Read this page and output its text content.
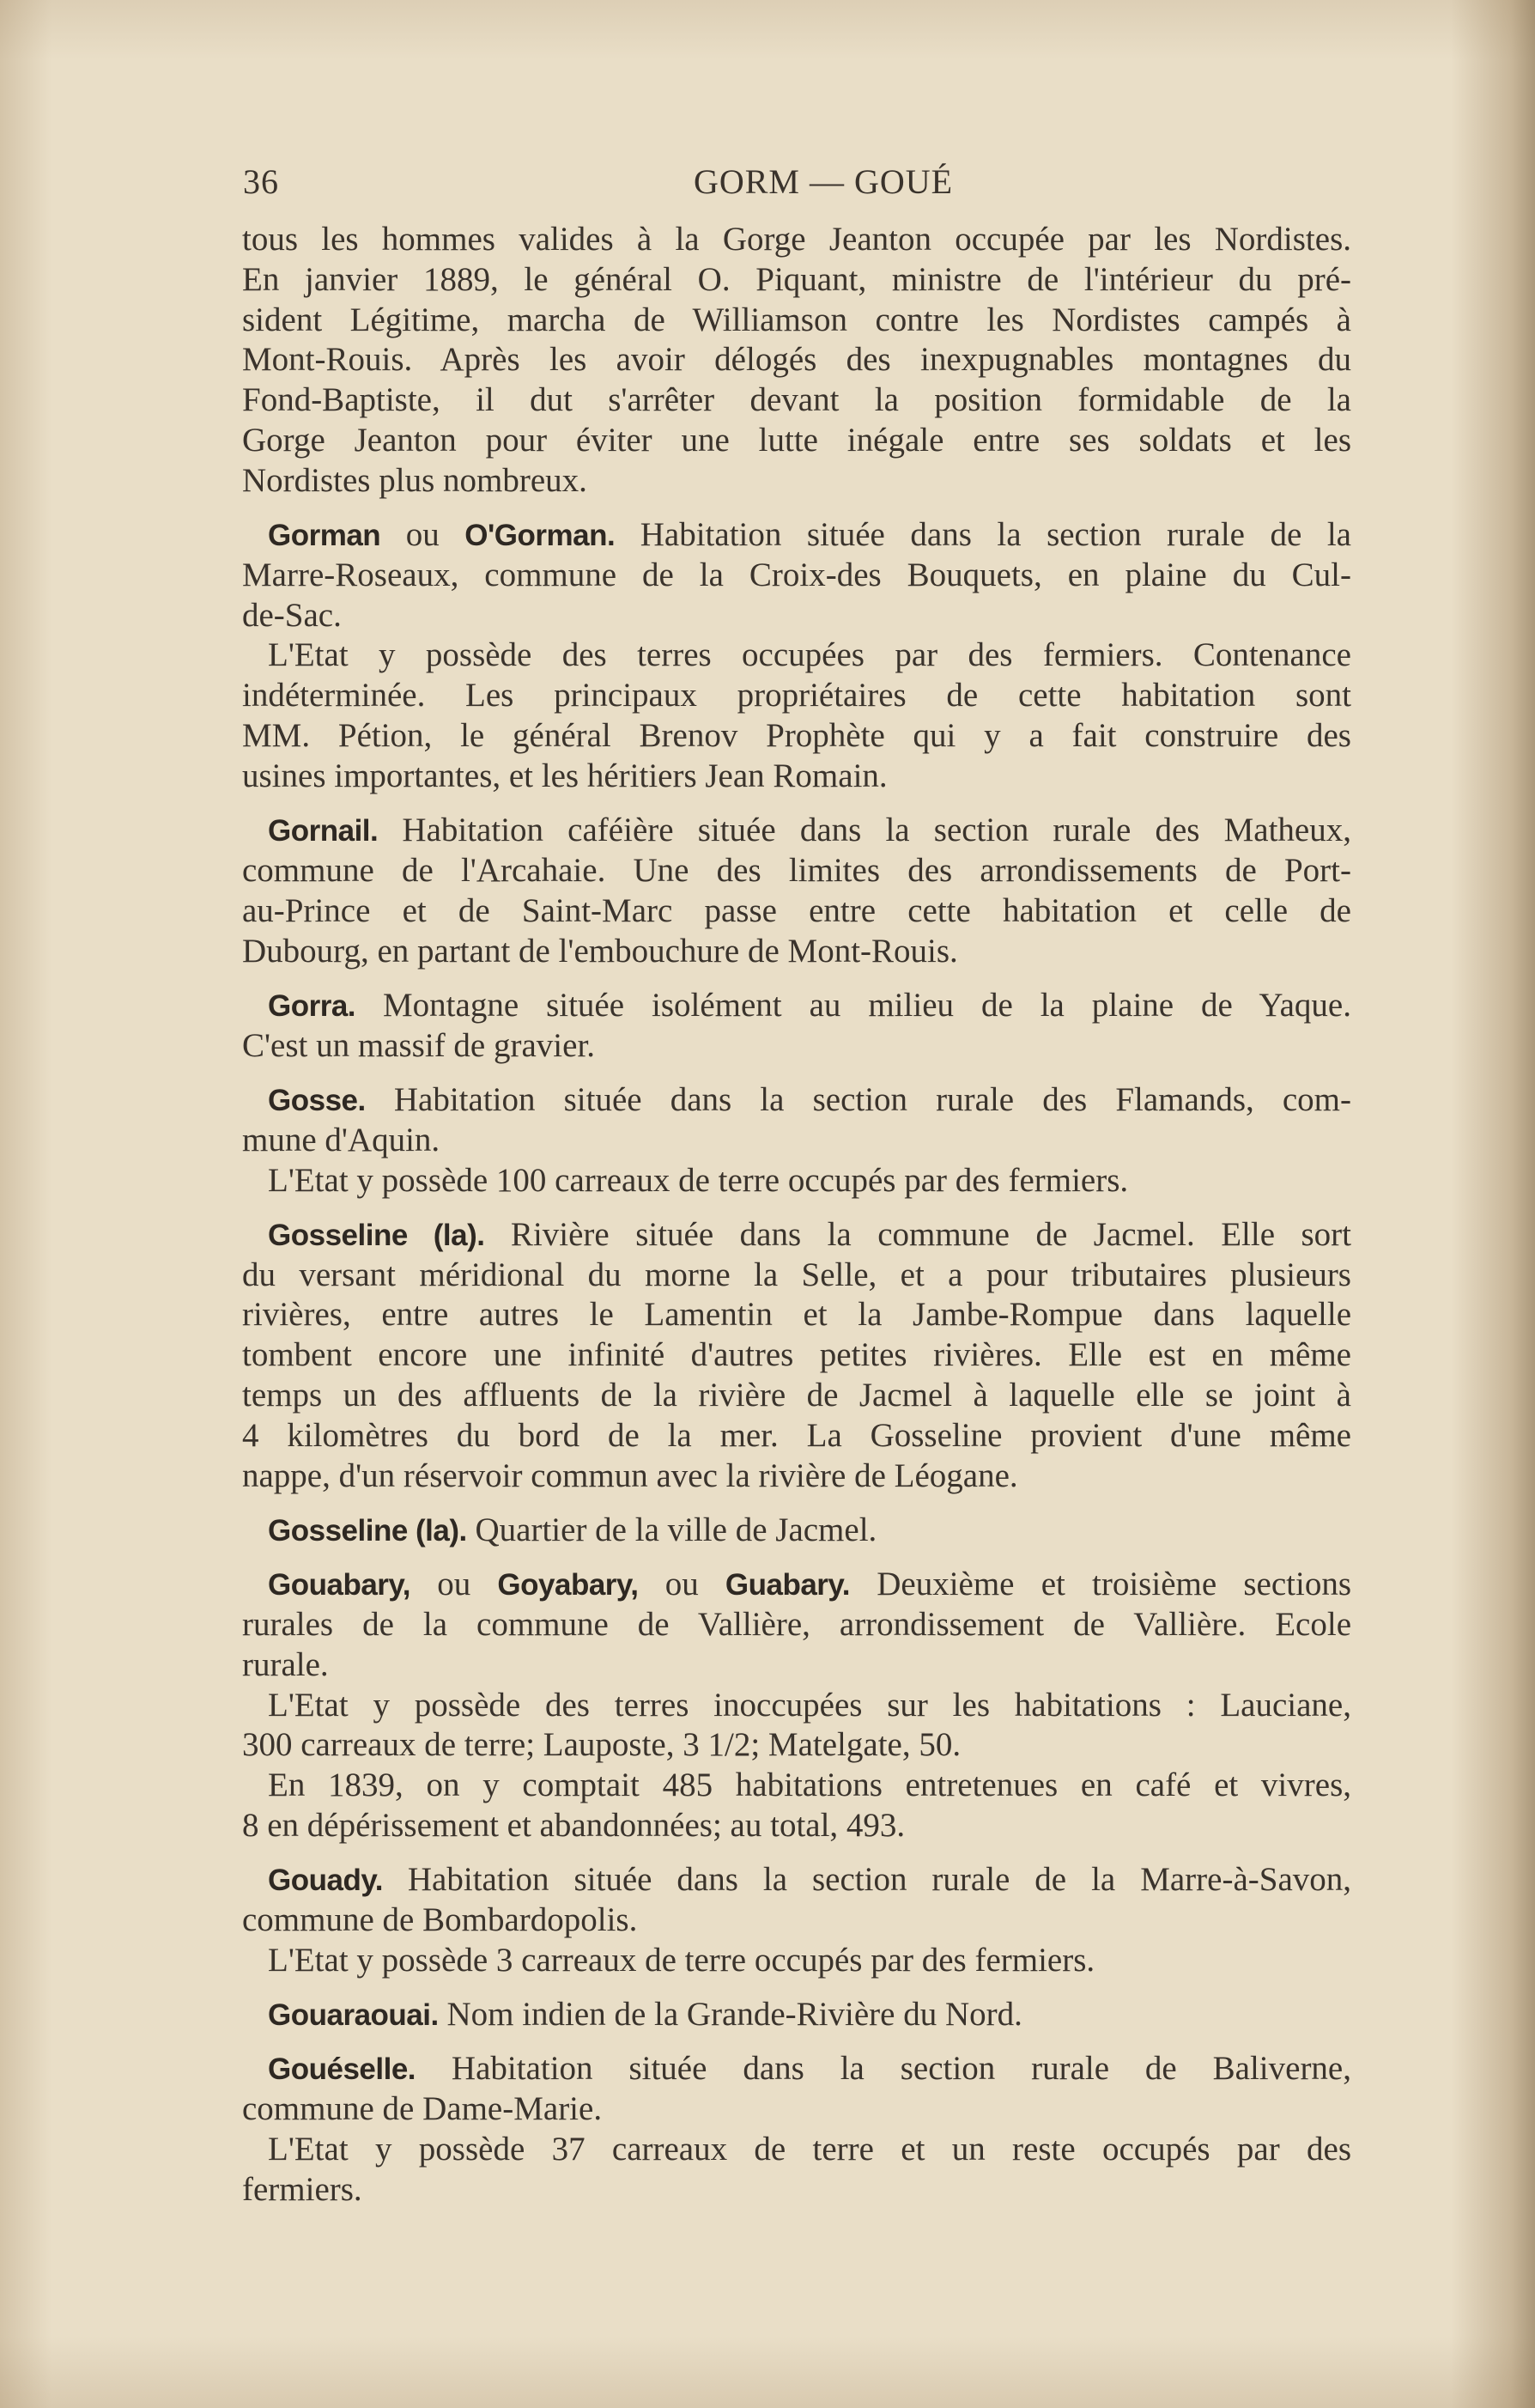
36	GORM — GOUÉ
tous les hommes valides à la Gorge Jeanton occupée par les Nordistes.
En janvier 1889, le général O. Piquant, ministre de l'intérieur du pré-
sident Légitime, marcha de Williamson contre les Nordistes campés à
Mont-Rouis. Après les avoir délogés des inexpugnables montagnes du
Fond-Baptiste, il dut s'arrêter devant la position formidable de la
Gorge Jeanton pour éviter une lutte inégale entre ses soldats et les
Nordistes plus nombreux.
Gorman ou O'Gorman. Habitation située dans la section rurale de la
Marre-Roseaux, commune de la Croix-des Bouquets, en plaine du Cul-
de-Sac.
L'Etat y possède des terres occupées par des fermiers. Contenance
indéterminée. Les principaux propriétaires de cette habitation sont
MM. Pétion, le général Brenov Prophète qui y a fait construire des
usines importantes, et les héritiers Jean Romain.
Gornail. Habitation caféière située dans la section rurale des Matheux,
commune de l'Arcahaie. Une des limites des arrondissements de Port-
au-Prince et de Saint-Marc passe entre cette habitation et celle de
Dubourg, en partant de l'embouchure de Mont-Rouis.
Gorra. Montagne située isolément au milieu de la plaine de Yaque.
C'est un massif de gravier.
Gosse. Habitation située dans la section rurale des Flamands, com-
mune d'Aquin.
L'Etat y possède 100 carreaux de terre occupés par des fermiers.
Gosseline (la). Rivière située dans la commune de Jacmel. Elle sort
du versant méridional du morne la Selle, et a pour tributaires plusieurs
rivières, entre autres le Lamentin et la Jambe-Rompue dans laquelle
tombent encore une infinité d'autres petites rivières. Elle est en même
temps un des affluents de la rivière de Jacmel à laquelle elle se joint à
4 kilomètres du bord de la mer. La Gosseline provient d'une même
nappe, d'un réservoir commun avec la rivière de Léogane.
Gosseline (la). Quartier de la ville de Jacmel.
Gouabary, ou Goyabary, ou Guabary. Deuxième et troisième sections
rurales de la commune de Vallière, arrondissement de Vallière. Ecole
rurale.
L'Etat y possède des terres inoccupées sur les habitations : Lauciane,
300 carreaux de terre; Lauposte, 3 1/2; Matelgate, 50.
En 1839, on y comptait 485 habitations entretenues en café et vivres,
8 en dépérissement et abandonnées; au total, 493.
Gouady. Habitation située dans la section rurale de la Marre-à-Savon,
commune de Bombardopolis.
L'Etat y possède 3 carreaux de terre occupés par des fermiers.
Gouaraouai. Nom indien de la Grande-Rivière du Nord.
Gouéselle. Habitation située dans la section rurale de Baliverne,
commune de Dame-Marie.
L'Etat y possède 37 carreaux de terre et un reste occupés par des
fermiers.
